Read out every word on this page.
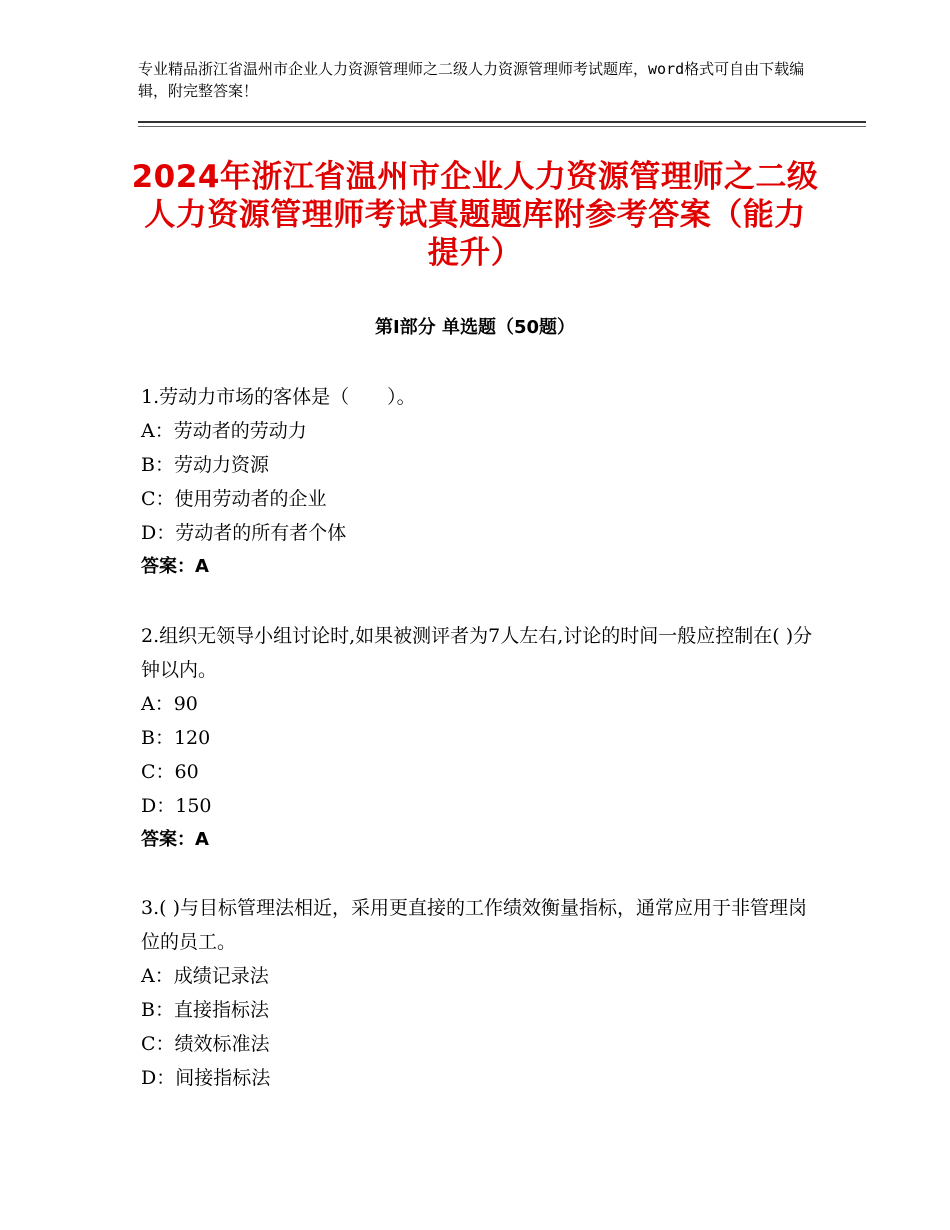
专业精品浙江省温州市企业人力资源管理师之二级人力资源管理师考试题库，word格式可自由下载编辑，附完整答案！
2024年浙江省温州市企业人力资源管理师之二级人力资源管理师考试真题题库附参考答案（能力提升）
第Ⅰ部分 单选题（50题）

1.劳动力市场的客体是（　　）。

A：劳动者的劳动力

B：劳动力资源

C：使用劳动者的企业

D：劳动者的所有者个体

答案：A

2.组织无领导小组讨论时,如果被测评者为7人左右,讨论的时间一般应控制在( )分钟以内。

A：90

B：120

C：60

D：150

答案：A

3.( )与目标管理法相近，采用更直接的工作绩效衡量指标，通常应用于非管理岗位的员工。

A：成绩记录法

B：直接指标法

C：绩效标准法

D：间接指标法
